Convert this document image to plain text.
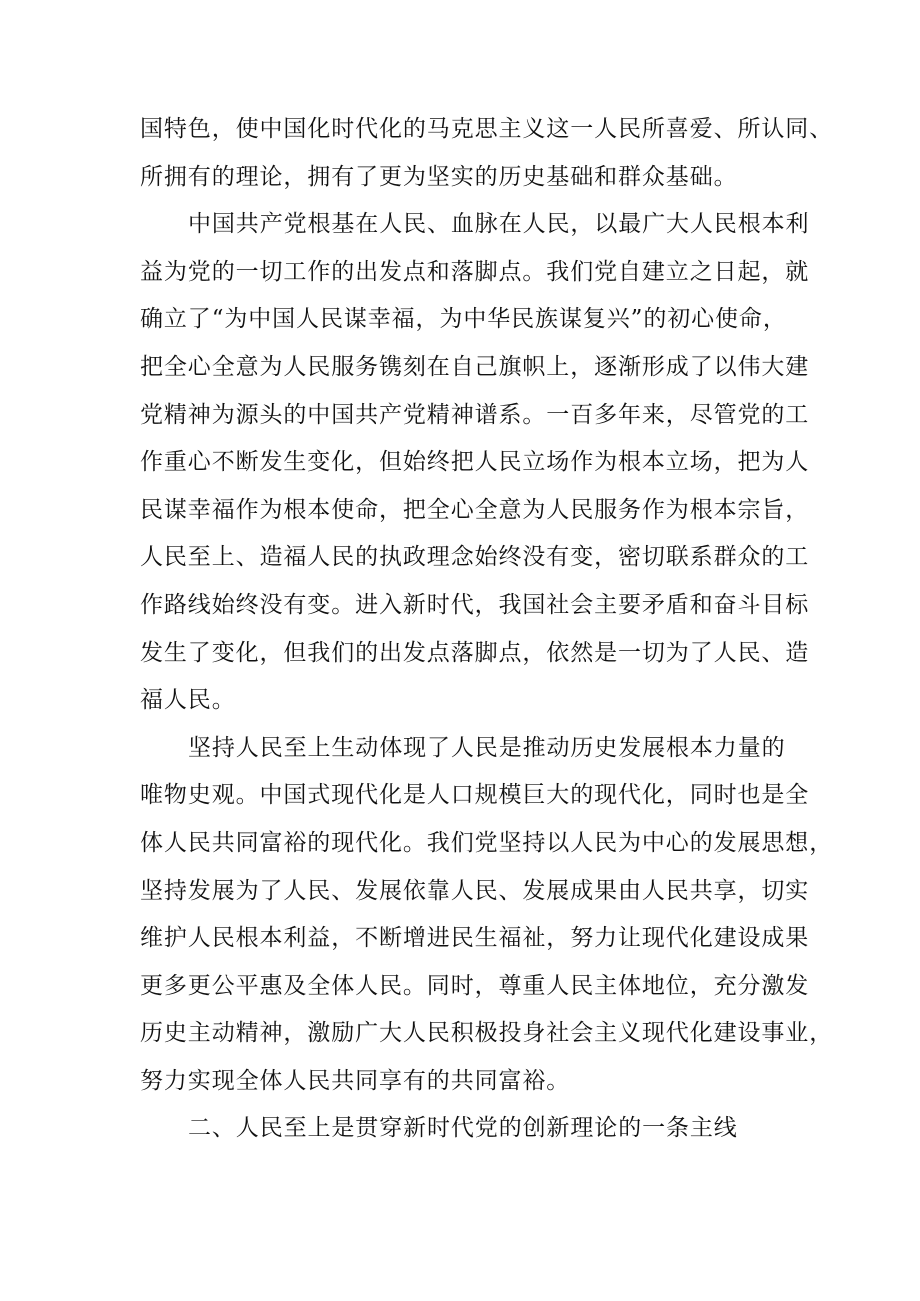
国特色，使中国化时代化的马克思主义这一人民所喜爱、所认同、
所拥有的理论，拥有了更为坚实的历史基础和群众基础。
中国共产党根基在人民、血脉在人民，以最广大人民根本利
益为党的一切工作的出发点和落脚点。我们党自建立之日起，就
确立了“为中国人民谋幸福，为中华民族谋复兴”的初心使命，
把全心全意为人民服务镌刻在自己旗帜上，逐渐形成了以伟大建
党精神为源头的中国共产党精神谱系。一百多年来，尽管党的工
作重心不断发生变化，但始终把人民立场作为根本立场，把为人
民谋幸福作为根本使命，把全心全意为人民服务作为根本宗旨，
人民至上、造福人民的执政理念始终没有变，密切联系群众的工
作路线始终没有变。进入新时代，我国社会主要矛盾和奋斗目标
发生了变化，但我们的出发点落脚点，依然是一切为了人民、造
福人民。
坚持人民至上生动体现了人民是推动历史发展根本力量的
唯物史观。中国式现代化是人口规模巨大的现代化，同时也是全
体人民共同富裕的现代化。我们党坚持以人民为中心的发展思想，
坚持发展为了人民、发展依靠人民、发展成果由人民共享，切实
维护人民根本利益，不断增进民生福祉，努力让现代化建设成果
更多更公平惠及全体人民。同时，尊重人民主体地位，充分激发
历史主动精神，激励广大人民积极投身社会主义现代化建设事业，
努力实现全体人民共同享有的共同富裕。
二、人民至上是贯穿新时代党的创新理论的一条主线
